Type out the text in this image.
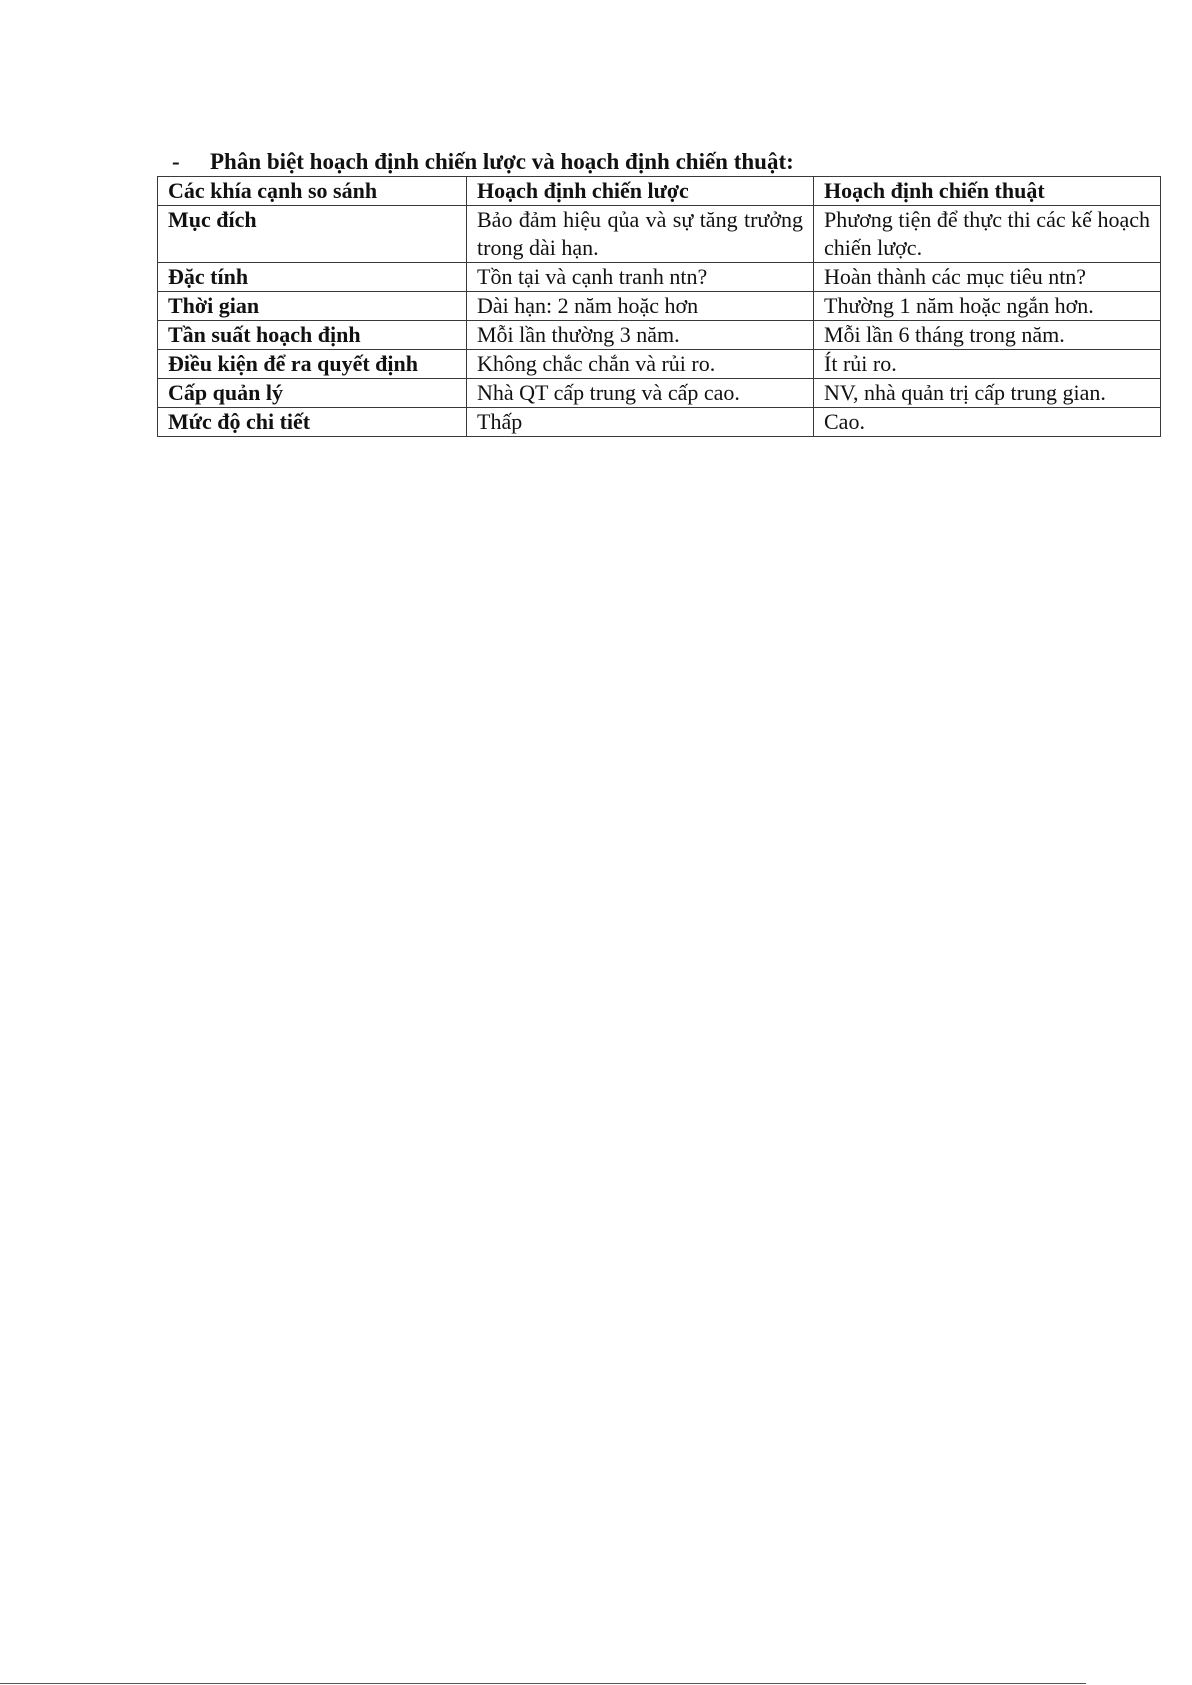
- Phân biệt hoạch định chiến lược và hoạch định chiến thuật:
Các khía cạnh so sánh	Hoạch định chiến lược	Hoạch định chiến thuật
Mục đích	Bảo đảm hiệu qủa và sự tăng trưởng trong dài hạn.	Phương tiện để thực thi các kế hoạch chiến lược.
Đặc tính	Tồn tại và cạnh tranh ntn?	Hoàn thành các mục tiêu ntn?
Thời gian	Dài hạn: 2 năm hoặc hơn	Thường 1 năm hoặc ngắn hơn.
Tần suất hoạch định	Mỗi lần thường 3 năm.	Mỗi lần 6 tháng trong năm.
Điều kiện để ra quyết định	Không chắc chắn và rủi ro.	Ít rủi ro.
Cấp quản lý	Nhà QT cấp trung và cấp cao.	NV, nhà quản trị cấp trung gian.
Mức độ chi tiết	Thấp	Cao.
